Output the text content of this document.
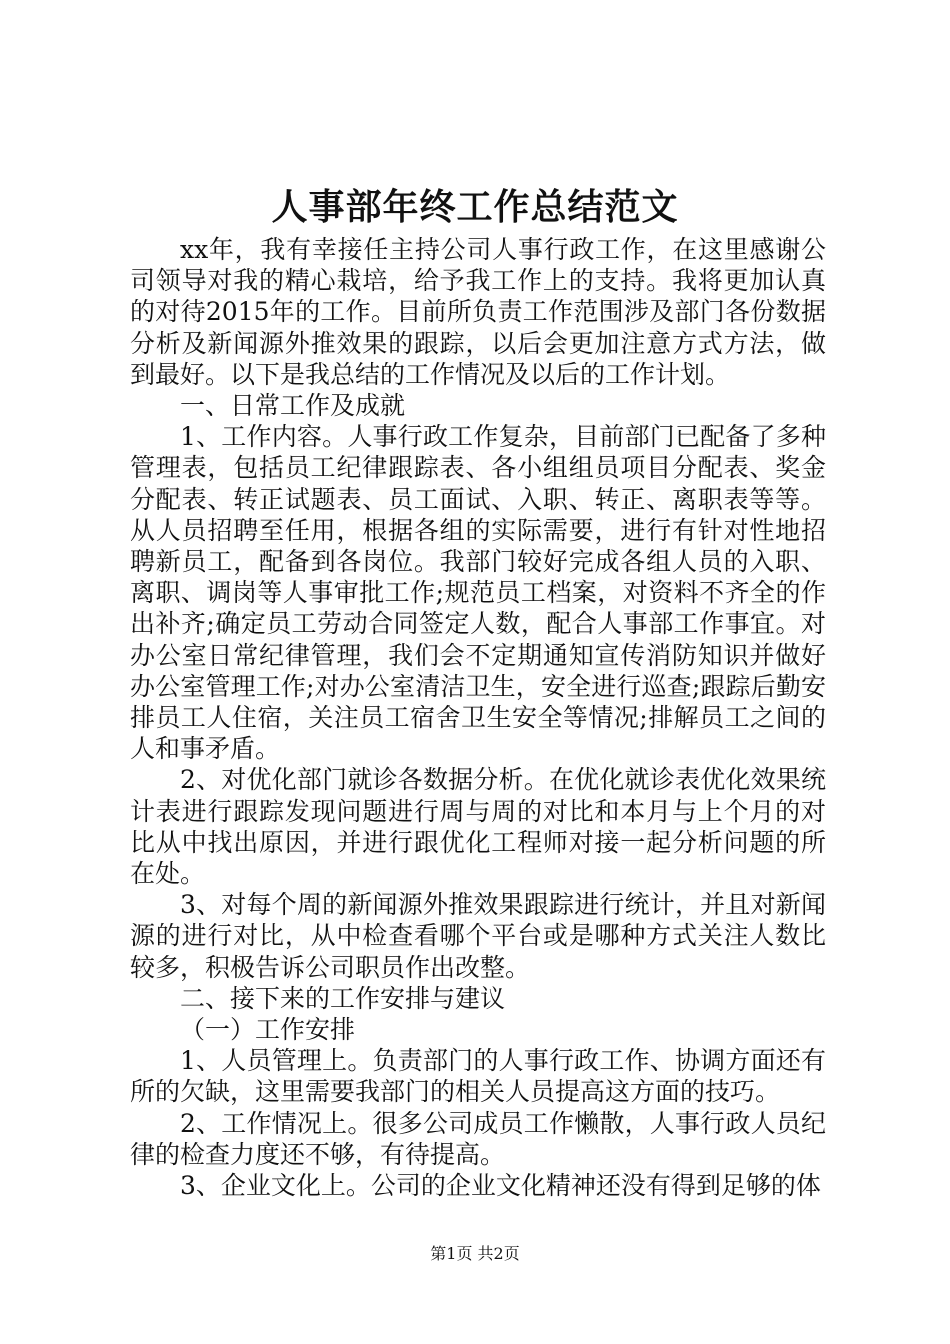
人事部年终工作总结范文

xx年，我有幸接任主持公司人事行政工作，在这里感谢公司领导对我的精心栽培，给予我工作上的支持。我将更加认真的对待2015年的工作。目前所负责工作范围涉及部门各份数据分析及新闻源外推效果的跟踪，以后会更加注意方式方法，做到最好。以下是我总结的工作情况及以后的工作计划。

一、日常工作及成就

1、工作内容。人事行政工作复杂，目前部门已配备了多种管理表，包括员工纪律跟踪表、各小组组员项目分配表、奖金分配表、转正试题表、员工面试、入职、转正、离职表等等。从人员招聘至任用，根据各组的实际需要，进行有针对性地招聘新员工，配备到各岗位。我部门较好完成各组人员的入职、离职、调岗等人事审批工作;规范员工档案，对资料不齐全的作出补齐;确定员工劳动合同签定人数，配合人事部工作事宜。对办公室日常纪律管理，我们会不定期通知宣传消防知识并做好办公室管理工作;对办公室清洁卫生，安全进行巡查;跟踪后勤安排员工人住宿，关注员工宿舍卫生安全等情况;排解员工之间的人和事矛盾。

2、对优化部门就诊各数据分析。在优化就诊表优化效果统计表进行跟踪发现问题进行周与周的对比和本月与上个月的对比从中找出原因，并进行跟优化工程师对接一起分析问题的所在处。

3、对每个周的新闻源外推效果跟踪进行统计，并且对新闻源的进行对比，从中检查看哪个平台或是哪种方式关注人数比较多，积极告诉公司职员作出改整。

二、接下来的工作安排与建议

（一）工作安排

1、人员管理上。负责部门的人事行政工作、协调方面还有所的欠缺，这里需要我部门的相关人员提高这方面的技巧。

2、工作情况上。很多公司成员工作懒散，人事行政人员纪律的检查力度还不够，有待提高。

3、企业文化上。公司的企业文化精神还没有得到足够的体

第1页 共2页
